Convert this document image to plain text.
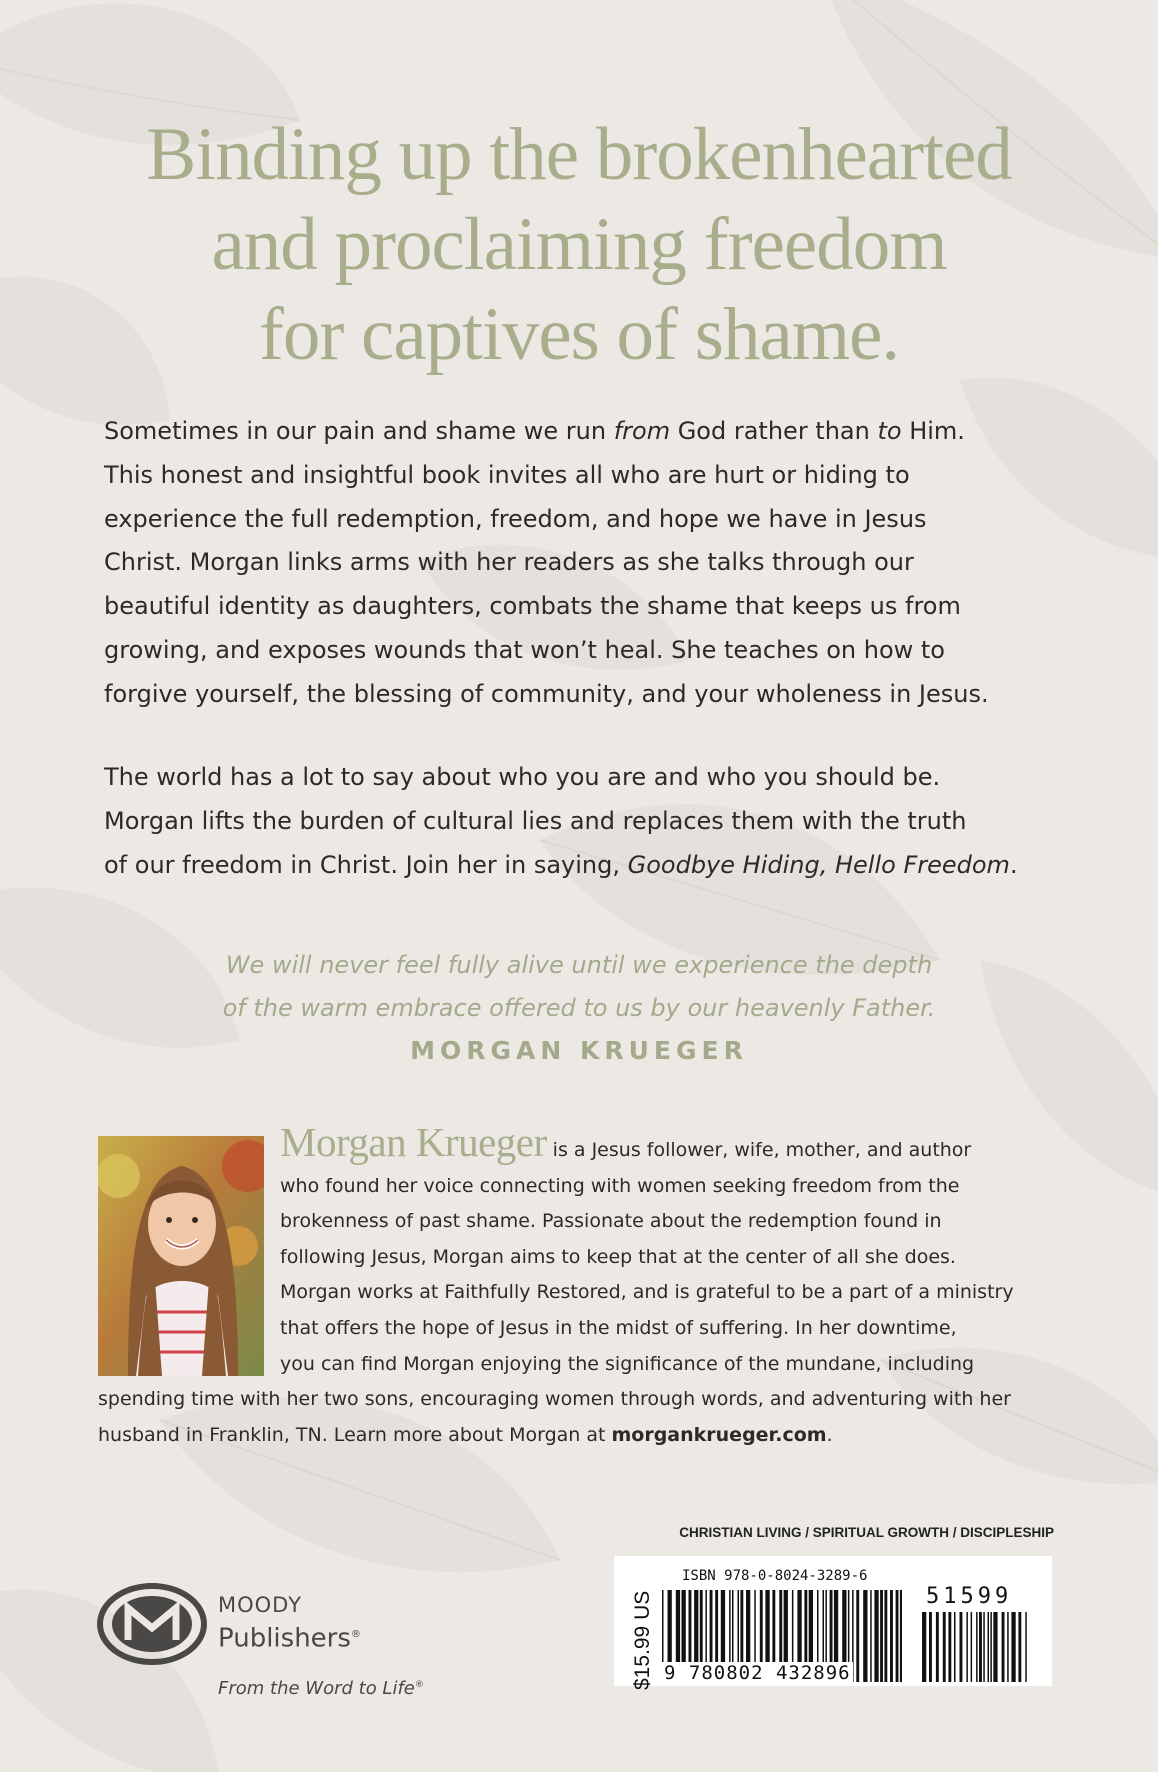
Binding up the brokenhearted
and proclaiming freedom
for captives of shame.
Sometimes in our pain and shame we run from God rather than to Him.
This honest and insightful book invites all who are hurt or hiding to
experience the full redemption, freedom, and hope we have in Jesus
Christ. Morgan links arms with her readers as she talks through our
beautiful identity as daughters, combats the shame that keeps us from
growing, and exposes wounds that won’t heal. She teaches on how to
forgive yourself, the blessing of community, and your wholeness in Jesus.
The world has a lot to say about who you are and who you should be.
Morgan lifts the burden of cultural lies and replaces them with the truth
of our freedom in Christ. Join her in saying, Goodbye Hiding, Hello Freedom.
We will never feel fully alive until we experience the depth
of the warm embrace offered to us by our heavenly Father.
MORGAN KRUEGER
Morgan Krueger is a Jesus follower, wife, mother, and author
who found her voice connecting with women seeking freedom from the
brokenness of past shame. Passionate about the redemption found in
following Jesus, Morgan aims to keep that at the center of all she does.
Morgan works at Faithfully Restored, and is grateful to be a part of a ministry
that offers the hope of Jesus in the midst of suffering. In her downtime,
you can find Morgan enjoying the significance of the mundane, including
spending time with her two sons, encouraging women through words, and adventuring with her
husband in Franklin, TN. Learn more about Morgan at morgankrueger.com.
CHRISTIAN LIVING / SPIRITUAL GROWTH / DISCIPLESHIP
$15.99 US
ISBN 978-0-8024-3289-6
51599
9 780802 432896
MOODY
Publishers®
From the Word to Life®
